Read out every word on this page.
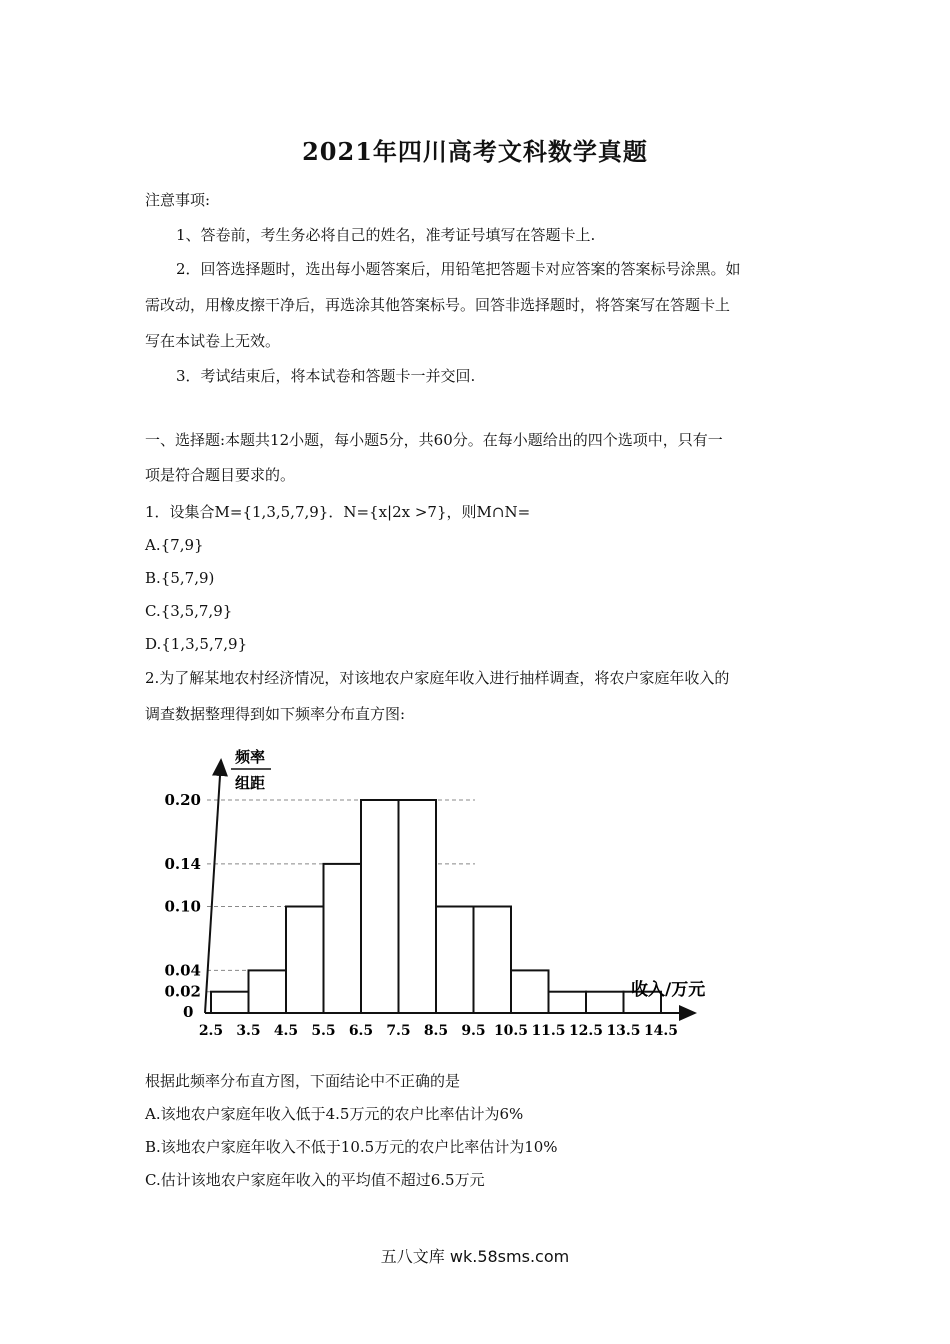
2021年四川高考文科数学真题
注意事项:
1、答卷前，考生务必将自己的姓名，准考证号填写在答题卡上.
2．回答选择题时，选出每小题答案后，用铅笔把答题卡对应答案的答案标号涂黑。如
需改动，用橡皮擦干净后，再选涂其他答案标号。回答非选择题时，将答案写在答题卡上
写在本试卷上无效。
3．考试结束后，将本试卷和答题卡一并交回.
一、选择题:本题共12小题，每小题5分，共60分。在每小题给出的四个选项中，只有一
项是符合题目要求的。
1．设集合M={1,3,5,7,9}．N={x|2x >7}，则M∩N=
A.{7,9}
B.{5,7,9)
C.{3,5,7,9}
D.{1,3,5,7,9}
2.为了解某地农村经济情况，对该地农户家庭年收入进行抽样调查，将农户家庭年收入的
调查数据整理得到如下频率分布直方图:
频率
组距
收入/万元
0
0.02
0.04
0.10
0.14
0.20
2.5 3.5 4.5 5.5 6.5 7.5 8.5 9.5 10.5 11.5 12.5 13.5 14.5
根据此频率分布直方图，下面结论中不正确的是
A.该地农户家庭年收入低于4.5万元的农户比率估计为6%
B.该地农户家庭年收入不低于10.5万元的农户比率估计为10%
C.估计该地农户家庭年收入的平均值不超过6.5万元
五八文库 wk.58sms.com
